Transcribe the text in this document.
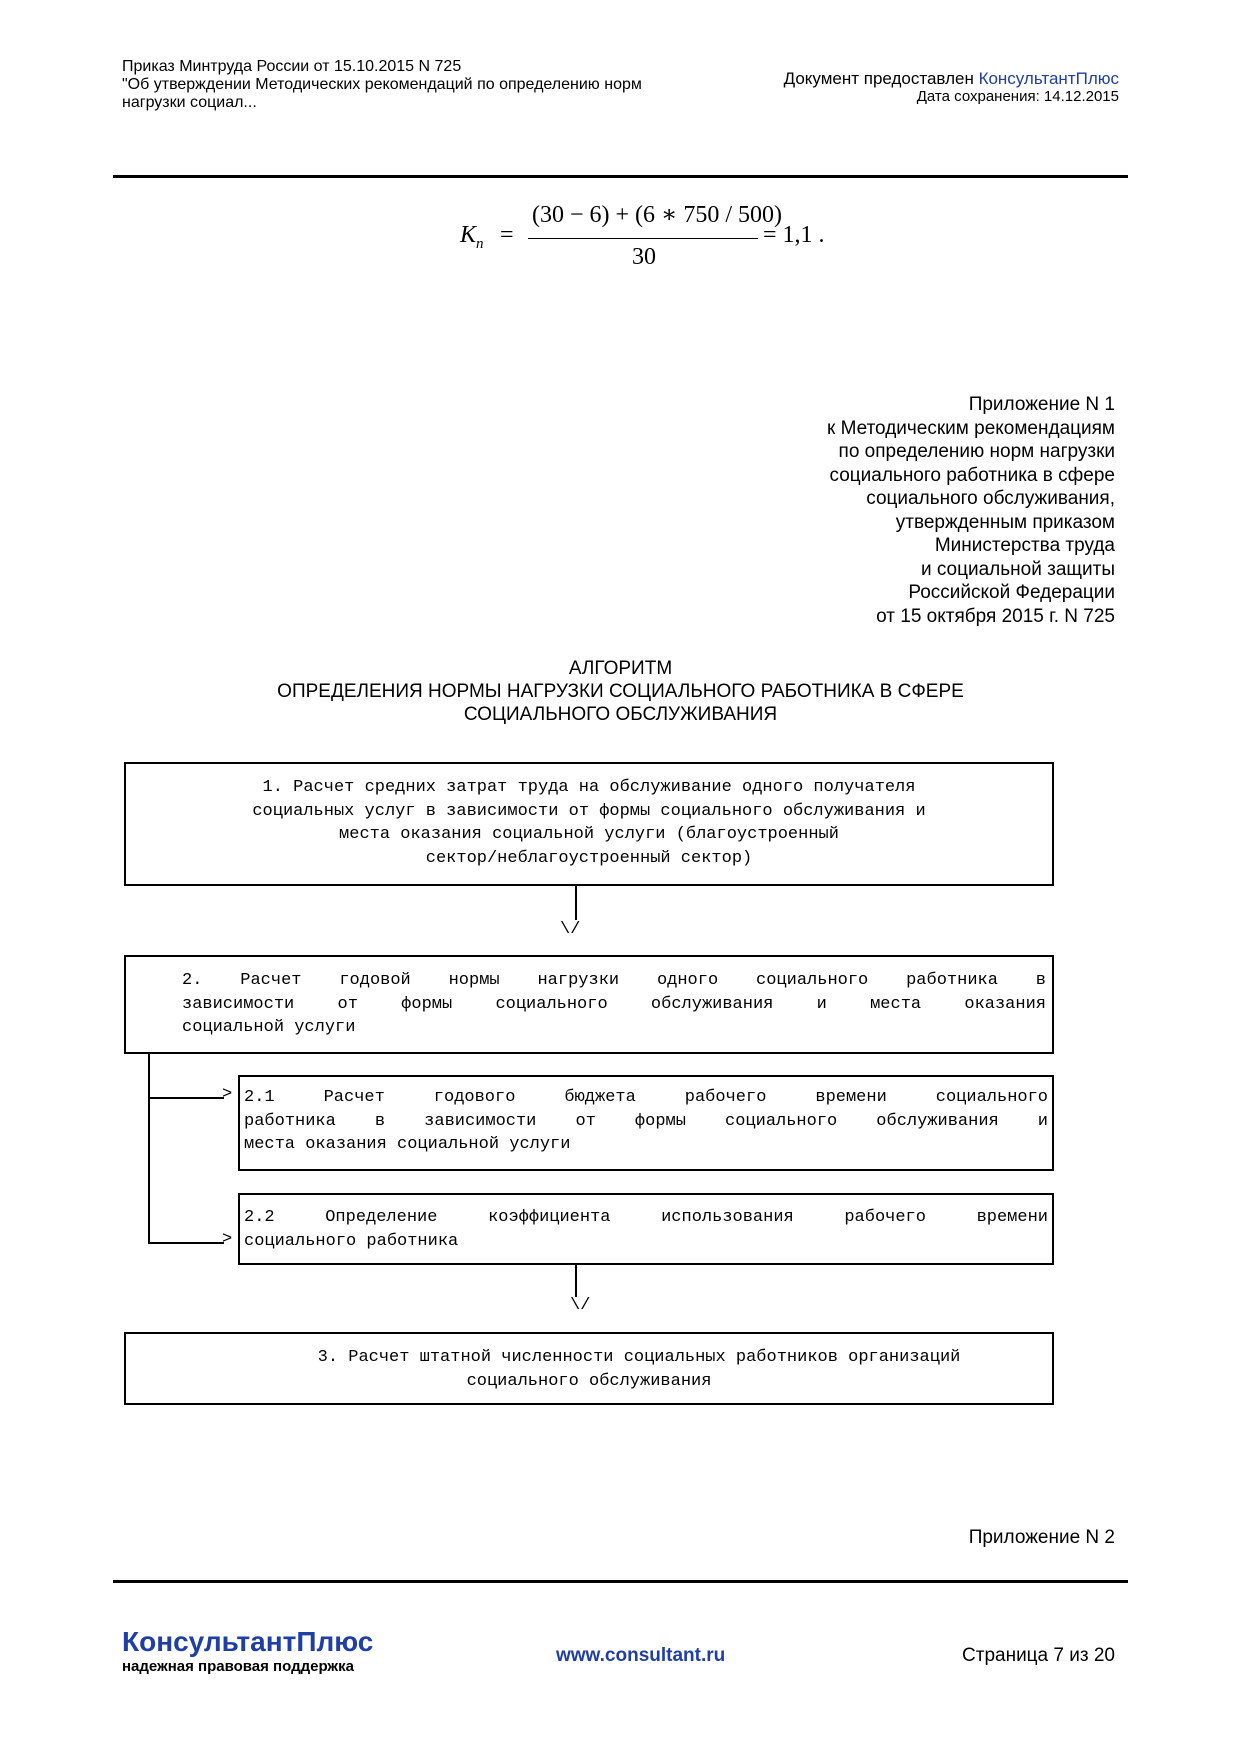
Приказ Минтруда России от 15.10.2015 N 725
"Об утверждении Методических рекомендаций по определению норм
нагрузки социал...
Документ предоставлен КонсультантПлюс
Дата сохранения: 14.12.2015
$K_n$ =
(30 − 6) + (6 ∗ 750 / 500)
30
= 1,1 .
Приложение N 1
к Методическим рекомендациям
по определению норм нагрузки
социального работника в сфере
социального обслуживания,
утвержденным приказом
Министерства труда
и социальной защиты
Российской Федерации
от 15 октября 2015 г. N 725
АЛГОРИТМ
ОПРЕДЕЛЕНИЯ НОРМЫ НАГРУЗКИ СОЦИАЛЬНОГО РАБОТНИКА В СФЕРЕ
СОЦИАЛЬНОГО ОБСЛУЖИВАНИЯ
1. Расчет средних затрат труда на обслуживание одного получателя
социальных услуг в зависимости от формы социального обслуживания и
места оказания социальной услуги (благоустроенный
сектор/неблагоустроенный сектор)
\/
2. Расчет годовой нормы нагрузки одного социального работника в
зависимости от формы социального обслуживания и места оказания
социальной услуги
>
>
2.1 Расчет годового бюджета рабочего времени социального
работника в зависимости от формы социального обслуживания и
места оказания социальной услуги
2.2 Определение коэффициента использования рабочего времени
социального работника
\/
3. Расчет штатной численности социальных работников организаций
социального обслуживания
Приложение N 2
КонсультантПлюс
надежная правовая поддержка
www.consultant.ru	Страница 7 из 20
